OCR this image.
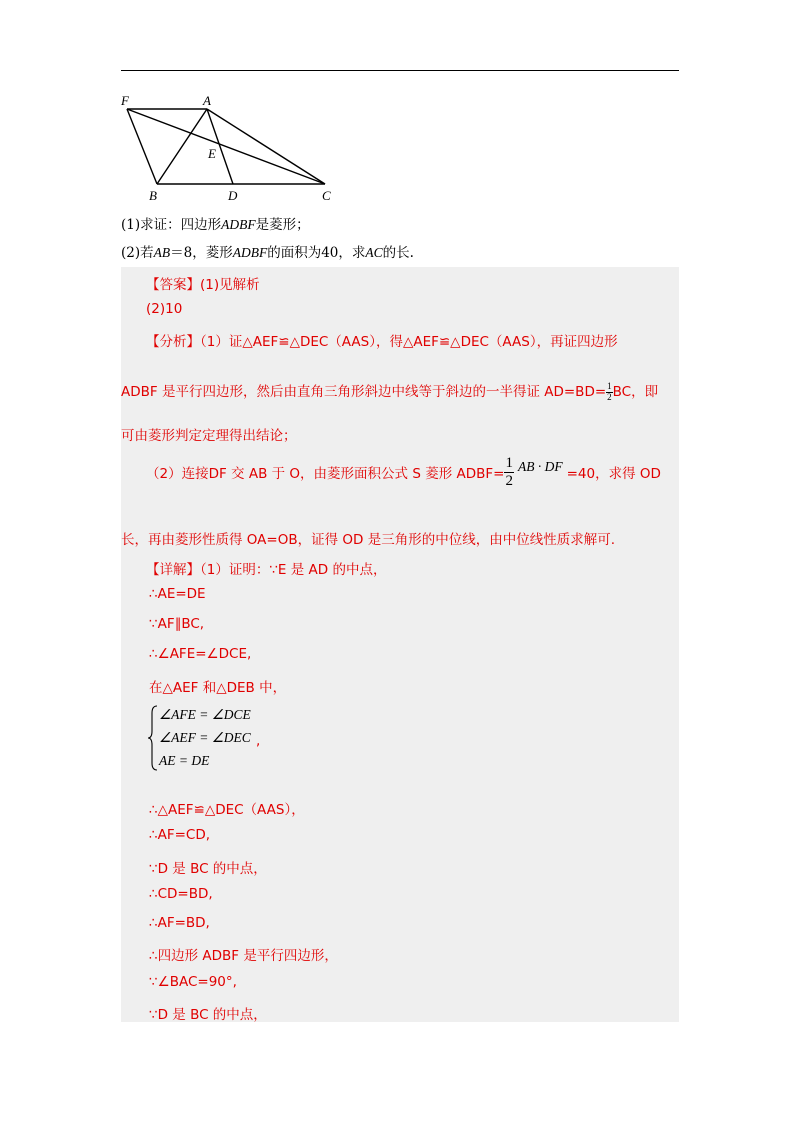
F	A
E
B	D	C
(1)求证：四边形ADBF是菱形；
(2)若AB＝8，菱形ADBF的面积为40，求AC的长.
【答案】(1)见解析
(2)10
【分析】（1）证△AEF≌△DEC（AAS），得△AEF≌△DEC（AAS），再证四边形
ADBF 是平行四边形，然后由直角三角形斜边中线等于斜边的一半得证 $AD=BD= \frac{1}{2}$ BC，即
可由菱形判定定理得出结论；
（2）连接DF 交 AB 于 O，由菱形面积公式 S 菱形 ADBF= $\frac{1}{2}$ AB · DF =40，求得 OD
长，再由菱形性质得 OA=OB，证得 OD 是三角形的中位线，由中位线性质求解可.
【详解】（1）证明：∵E 是 AD 的中点，
∴AE=DE
∵AF∥BC,
∴∠AFE=∠DCE,
在△AEF 和△DEB 中，
∠AFE = ∠DCE
∠AEF = ∠DEC
AE = DE
,
∴△AEF≌△DEC（AAS），
∴AF=CD,
∵D 是 BC 的中点，
∴CD=BD,
∴AF=BD,
∴四边形 ADBF 是平行四边形，
∵∠BAC=90°,
∵D 是 BC 的中点，
